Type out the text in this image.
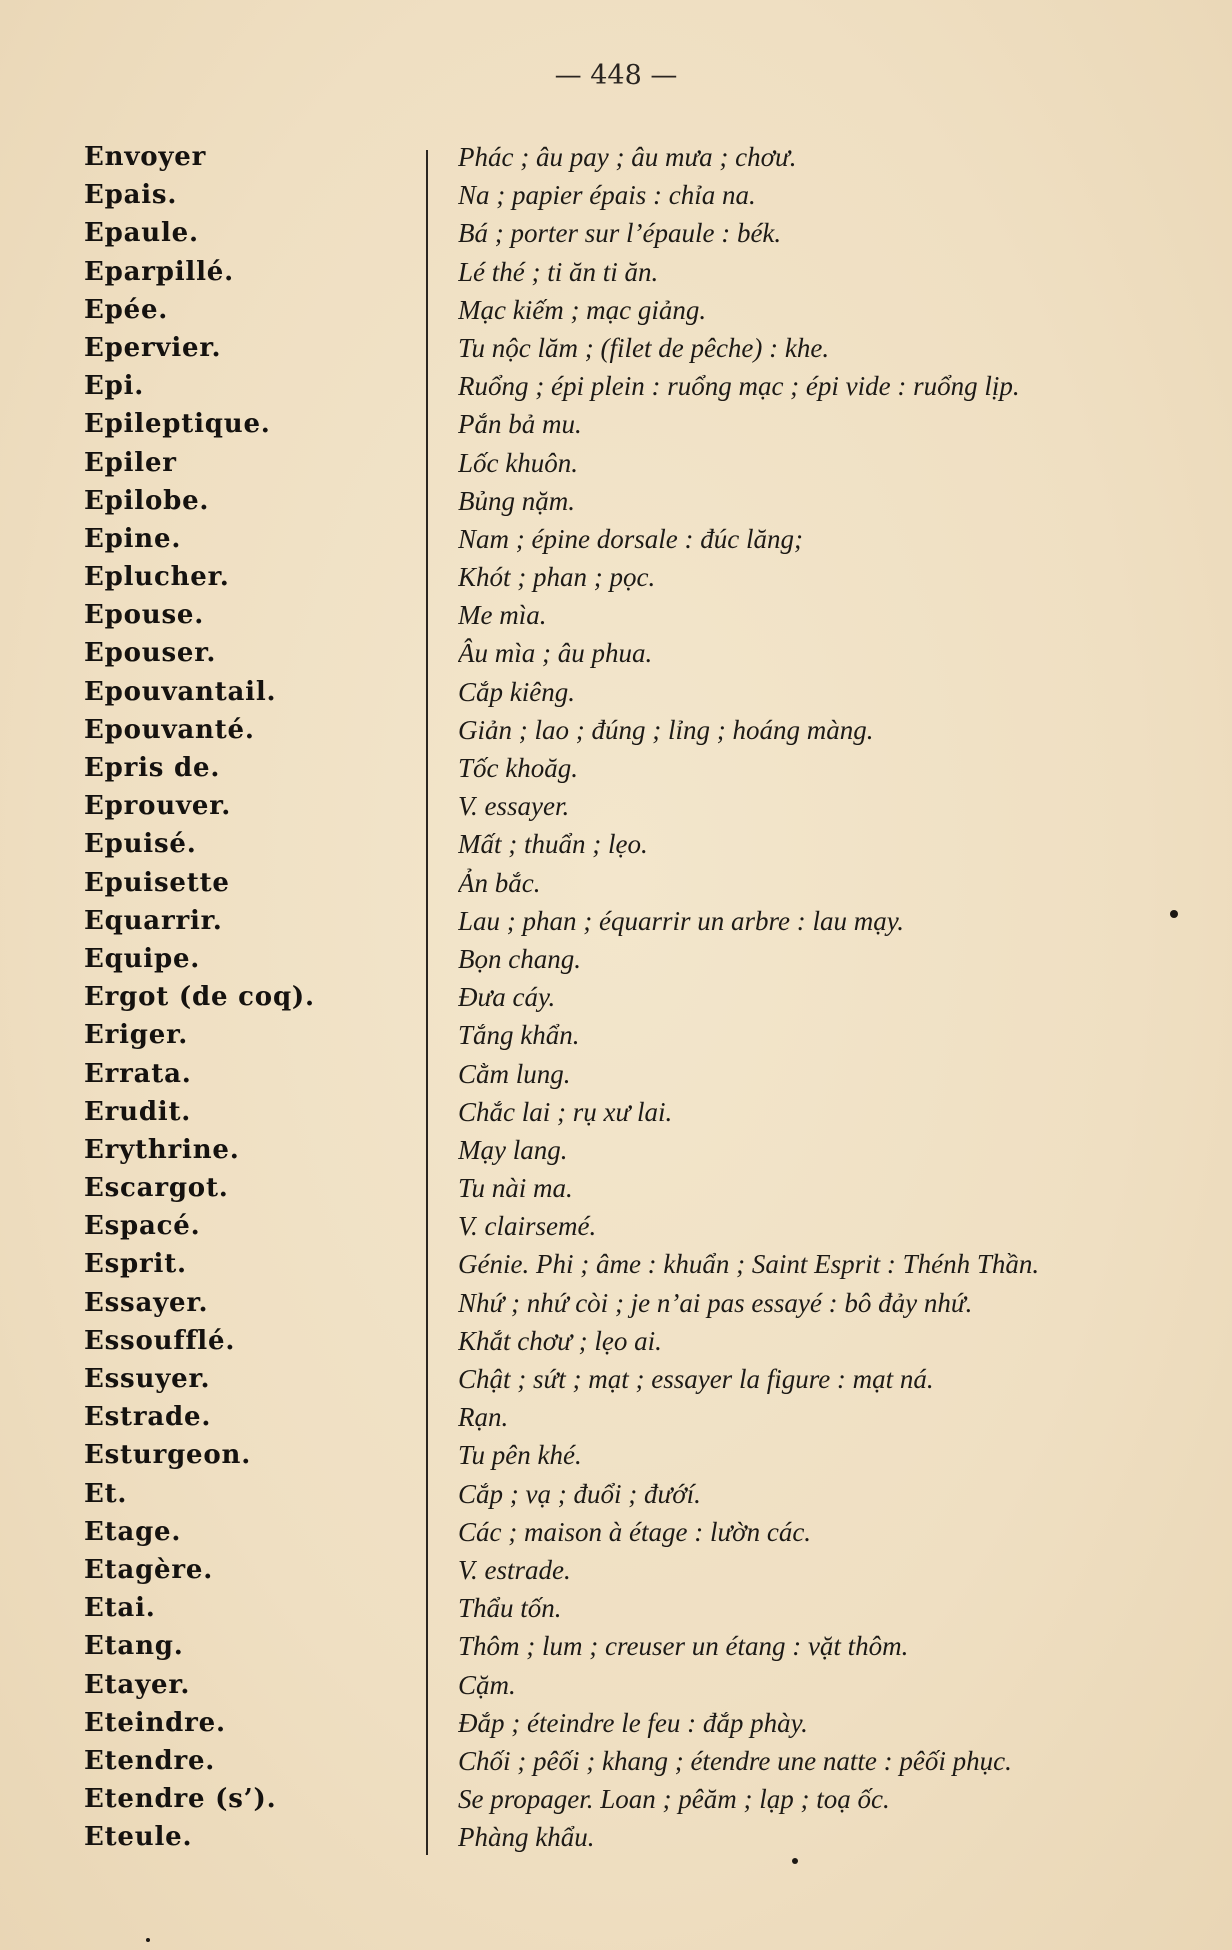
— 448 —
Envoyer
Epais.
Epaule.
Eparpillé.
Epée.
Epervier.
Epi.
Epileptique.
Epiler
Epilobe.
Epine.
Eplucher.
Epouse.
Epouser.
Epouvantail.
Epouvanté.
Epris de.
Eprouver.
Epuisé.
Epuisette
Equarrir.
Equipe.
Ergot (de coq).
Eriger.
Errata.
Erudit.
Erythrine.
Escargot.
Espacé.
Esprit.
Essayer.
Essoufflé.
Essuyer.
Estrade.
Esturgeon.
Et.
Etage.
Etagère.
Etai.
Etang.
Etayer.
Eteindre.
Etendre.
Etendre (s’).
Eteule.
Phác ; âu pay ; âu mưa ; chơư.
Na ; papier épais : chỉa na.
Bá ; porter sur l’épaule : bék.
Lé thé ; ti ăn ti ăn.
Mạc kiếm ; mạc giảng.
Tu nộc lăm ; (filet de pêche) : khe.
Ruổng ; épi plein : ruổng mạc ; épi vide : ruổng lịp.
Pắn bả mu.
Lốc khuôn.
Bủng nặm.
Nam ; épine dorsale : đúc lăng;
Khót ; phan ; pọc.
Me mìa.
Âu mìa ; âu phua.
Cắp kiêng.
Giản ; lao ; đúng ; lỉng ; hoáng màng.
Tốc khoăg.
V. essayer.
Mất ; thuẩn ; lẹo.
Ản bắc.
Lau ; phan ; équarrir un arbre : lau mạy.
Bọn chang.
Đưa cáy.
Tắng khẩn.
Cằm lung.
Chắc lai ; rụ xư lai.
Mạy lang.
Tu nài ma.
V. clairsemé.
Génie. Phi ; âme : khuẩn ; Saint Esprit : Thénh Thần.
Nhứ ; nhứ còi ; je n’ai pas essayé : bô đảy nhứ.
Khắt chơư ; lẹo ai.
Chật ; sứt ; mạt ; essayer la figure : mạt ná.
Rạn.
Tu pên khé.
Cắp ; vạ ; đuổi ; đướí.
Các ; maison à étage : lườn các.
V. estrade.
Thẩu tốn.
Thôm ; lum ; creuser un étang : vặt thôm.
Cặm.
Đắp ; éteindre le feu : đắp phày.
Chối ; pêối ; khang ; étendre une natte : pêối phục.
Se propager. Loan ; pêăm ; lạp ; toạ ốc.
Phàng khẩu.
